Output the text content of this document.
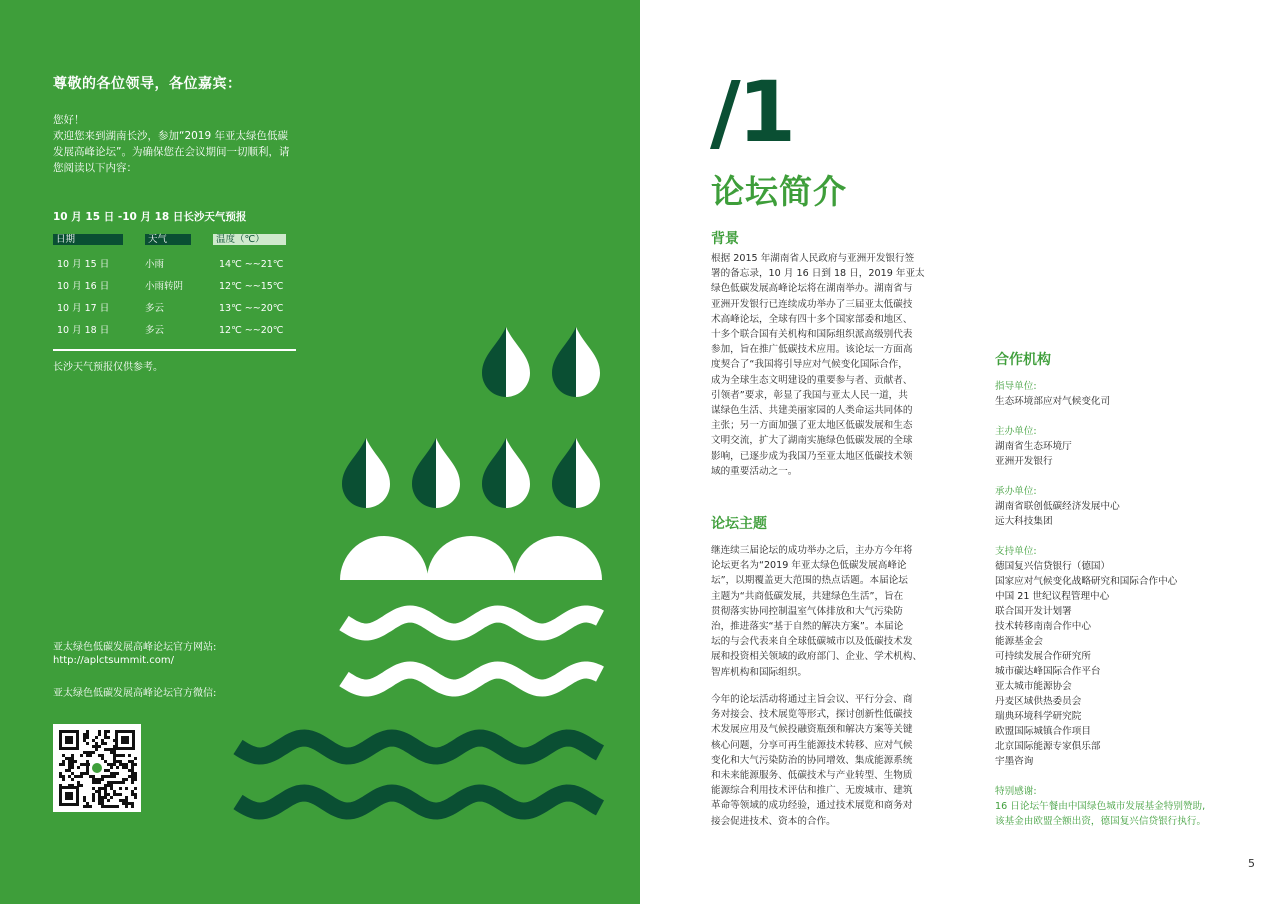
尊敬的各位领导，各位嘉宾：
您好！
欢迎您来到湖南长沙，参加“2019 年亚太绿色低碳
发展高峰论坛”。为确保您在会议期间一切顺利，请
您阅读以下内容：
10 月 15 日 -10 月 18 日长沙天气预报
日期	天气	温度（℃）
10 月 15 日	小雨	14℃ ~~21℃
10 月 16 日	小雨转阴	12℃ ~~15℃
10 月 17 日	多云	13℃ ~~20℃
10 月 18 日	多云	12℃ ~~20℃
长沙天气预报仅供参考。
亚太绿色低碳发展高峰论坛官方网站:
http://aplctsummit.com/
亚太绿色低碳发展高峰论坛官方微信:
/1
论坛简介
背景
根据 2015 年湖南省人民政府与亚洲开发银行签
署的备忘录，10 月 16 日到 18 日，2019 年亚太
绿色低碳发展高峰论坛将在湖南举办。湖南省与
亚洲开发银行已连续成功举办了三届亚太低碳技
术高峰论坛，全球有四十多个国家部委和地区、
十多个联合国有关机构和国际组织派高级别代表
参加，旨在推广低碳技术应用。该论坛一方面高
度契合了“我国将引导应对气候变化国际合作，
成为全球生态文明建设的重要参与者、贡献者、
引领者”要求，彰显了我国与亚太人民一道，共
谋绿色生活、共建美丽家园的人类命运共同体的
主张；另一方面加强了亚太地区低碳发展和生态
文明交流，扩大了湖南实施绿色低碳发展的全球
影响，已逐步成为我国乃至亚太地区低碳技术领
域的重要活动之一。
论坛主题
继连续三届论坛的成功举办之后，主办方今年将
论坛更名为“2019 年亚太绿色低碳发展高峰论
坛”，以期覆盖更大范围的热点话题。本届论坛
主题为“共商低碳发展，共建绿色生活”，旨在
贯彻落实协同控制温室气体排放和大气污染防
治，推进落实“基于自然的解决方案”。本届论
坛的与会代表来自全球低碳城市以及低碳技术发
展和投资相关领域的政府部门、企业、学术机构、
智库机构和国际组织。
今年的论坛活动将通过主旨会议、平行分会、商
务对接会、技术展览等形式，探讨创新性低碳技
术发展应用及气候投融资瓶颈和解决方案等关键
核心问题，分享可再生能源技术转移、应对气候
变化和大气污染防治的协同增效、集成能源系统
和未来能源服务、低碳技术与产业转型、生物质
能源综合利用技术评估和推广、无废城市、建筑
革命等领域的成功经验，通过技术展览和商务对
接会促进技术、资本的合作。
合作机构
指导单位:
生态环境部应对气候变化司
主办单位:
湖南省生态环境厅
亚洲开发银行
承办单位:
湖南省联创低碳经济发展中心
远大科技集团
支持单位:
德国复兴信贷银行（德国）
国家应对气候变化战略研究和国际合作中心
中国 21 世纪议程管理中心
联合国开发计划署
技术转移南南合作中心
能源基金会
可持续发展合作研究所
城市碳达峰国际合作平台
亚太城市能源协会
丹麦区域供热委员会
瑞典环境科学研究院
欧盟国际城镇合作项目
北京国际能源专家俱乐部
宇墨咨询
特别感谢:
16 日论坛午餐由中国绿色城市发展基金特别赞助,
该基金由欧盟全额出资，德国复兴信贷银行执行。
5
